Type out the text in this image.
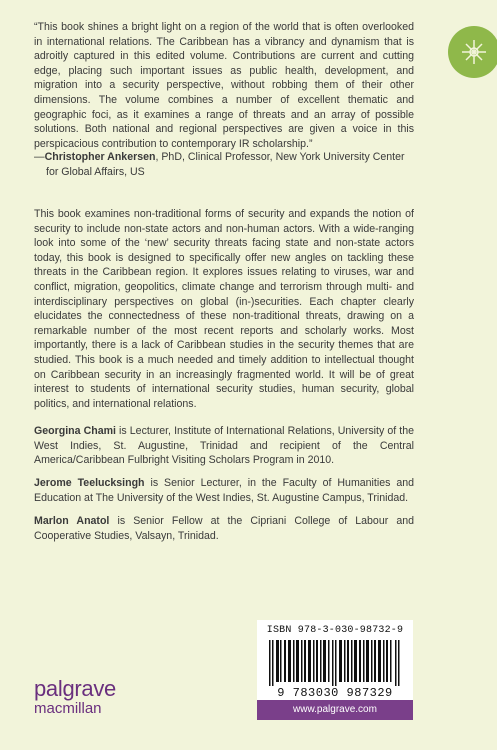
“This book shines a bright light on a region of the world that is often overlooked in international relations. The Caribbean has a vibrancy and dynamism that is adroitly captured in this edited volume. Contributions are current and cutting edge, placing such important issues as public health, development, and migration into a security perspective, without robbing them of their other dimensions. The volume combines a number of excellent thematic and geographic foci, as it examines a range of threats and an array of possible solutions. Both national and regional perspectives are given a voice in this perspicacious contribution to contemporary IR scholarship.”
—Christopher Ankersen, PhD, Clinical Professor, New York University Center
for Global Affairs, US
This book examines non-traditional forms of security and expands the notion of security to include non-state actors and non-human actors. With a wide-ranging look into some of the ‘new’ security threats facing state and non-state actors today, this book is designed to specifically offer new angles on tackling these threats in the Caribbean region. It explores issues relating to viruses, war and conflict, migration, geopolitics, climate change and terrorism through multi- and interdisciplinary perspectives on global (in-)securities. Each chapter clearly elucidates the connectedness of these non-traditional threats, drawing on a remarkable number of the most recent reports and scholarly works. Most importantly, there is a lack of Caribbean studies in the security themes that are studied. This book is a much needed and timely addition to intellectual thought on Caribbean security in an increasingly fragmented world. It will be of great interest to students of international security studies, human security, global politics, and international relations.
Georgina Chami is Lecturer, Institute of International Relations, University of the West Indies, St. Augustine, Trinidad and recipient of the Central America/Caribbean Fulbright Visiting Scholars Program in 2010.
Jerome Teelucksingh is Senior Lecturer, in the Faculty of Humanities and Education at The University of the West Indies, St. Augustine Campus, Trinidad.
Marlon Anatol is Senior Fellow at the Cipriani College of Labour and Cooperative Studies, Valsayn, Trinidad.
ISBN 978-3-030-98732-9
9 783030 987329
www.palgrave.com
palgrave
macmillan
